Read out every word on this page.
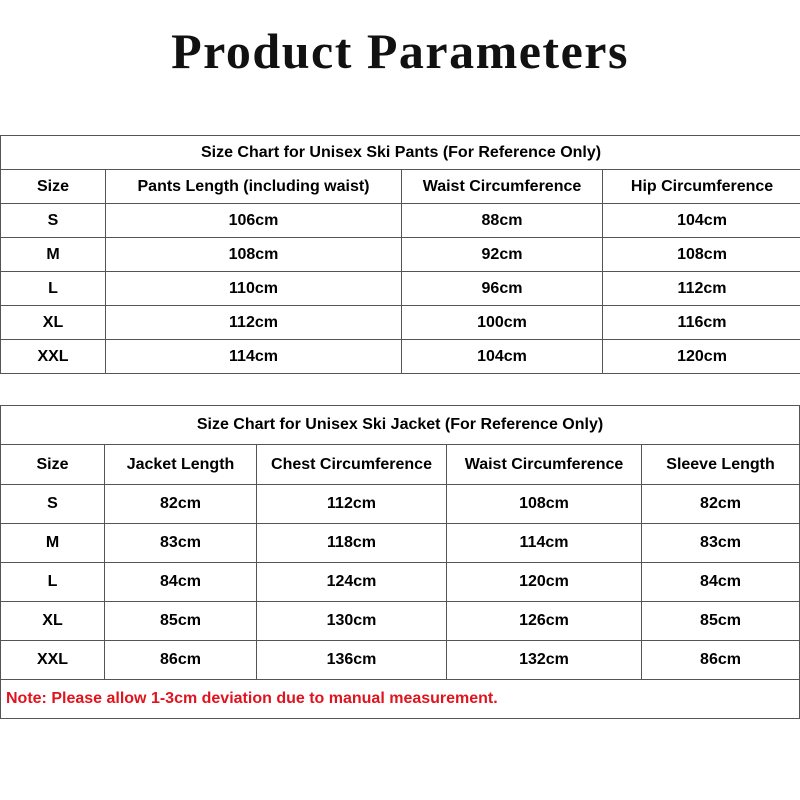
Product Parameters
Size Chart for Unisex Ski Pants (For Reference Only)			
Size	Pants Length (including waist)	Waist Circumference	Hip Circumference
S	106cm	88cm	104cm
M	108cm	92cm	108cm
L	110cm	96cm	112cm
XL	112cm	100cm	116cm
XXL	114cm	104cm	120cm
Size Chart for Unisex Ski Jacket (For Reference Only)				
Size	Jacket Length	Chest Circumference	Waist Circumference	Sleeve Length
S	82cm	112cm	108cm	82cm
M	83cm	118cm	114cm	83cm
L	84cm	124cm	120cm	84cm
XL	85cm	130cm	126cm	85cm
XXL	86cm	136cm	132cm	86cm
Note: Please allow 1-3cm deviation due to manual measurement.				
